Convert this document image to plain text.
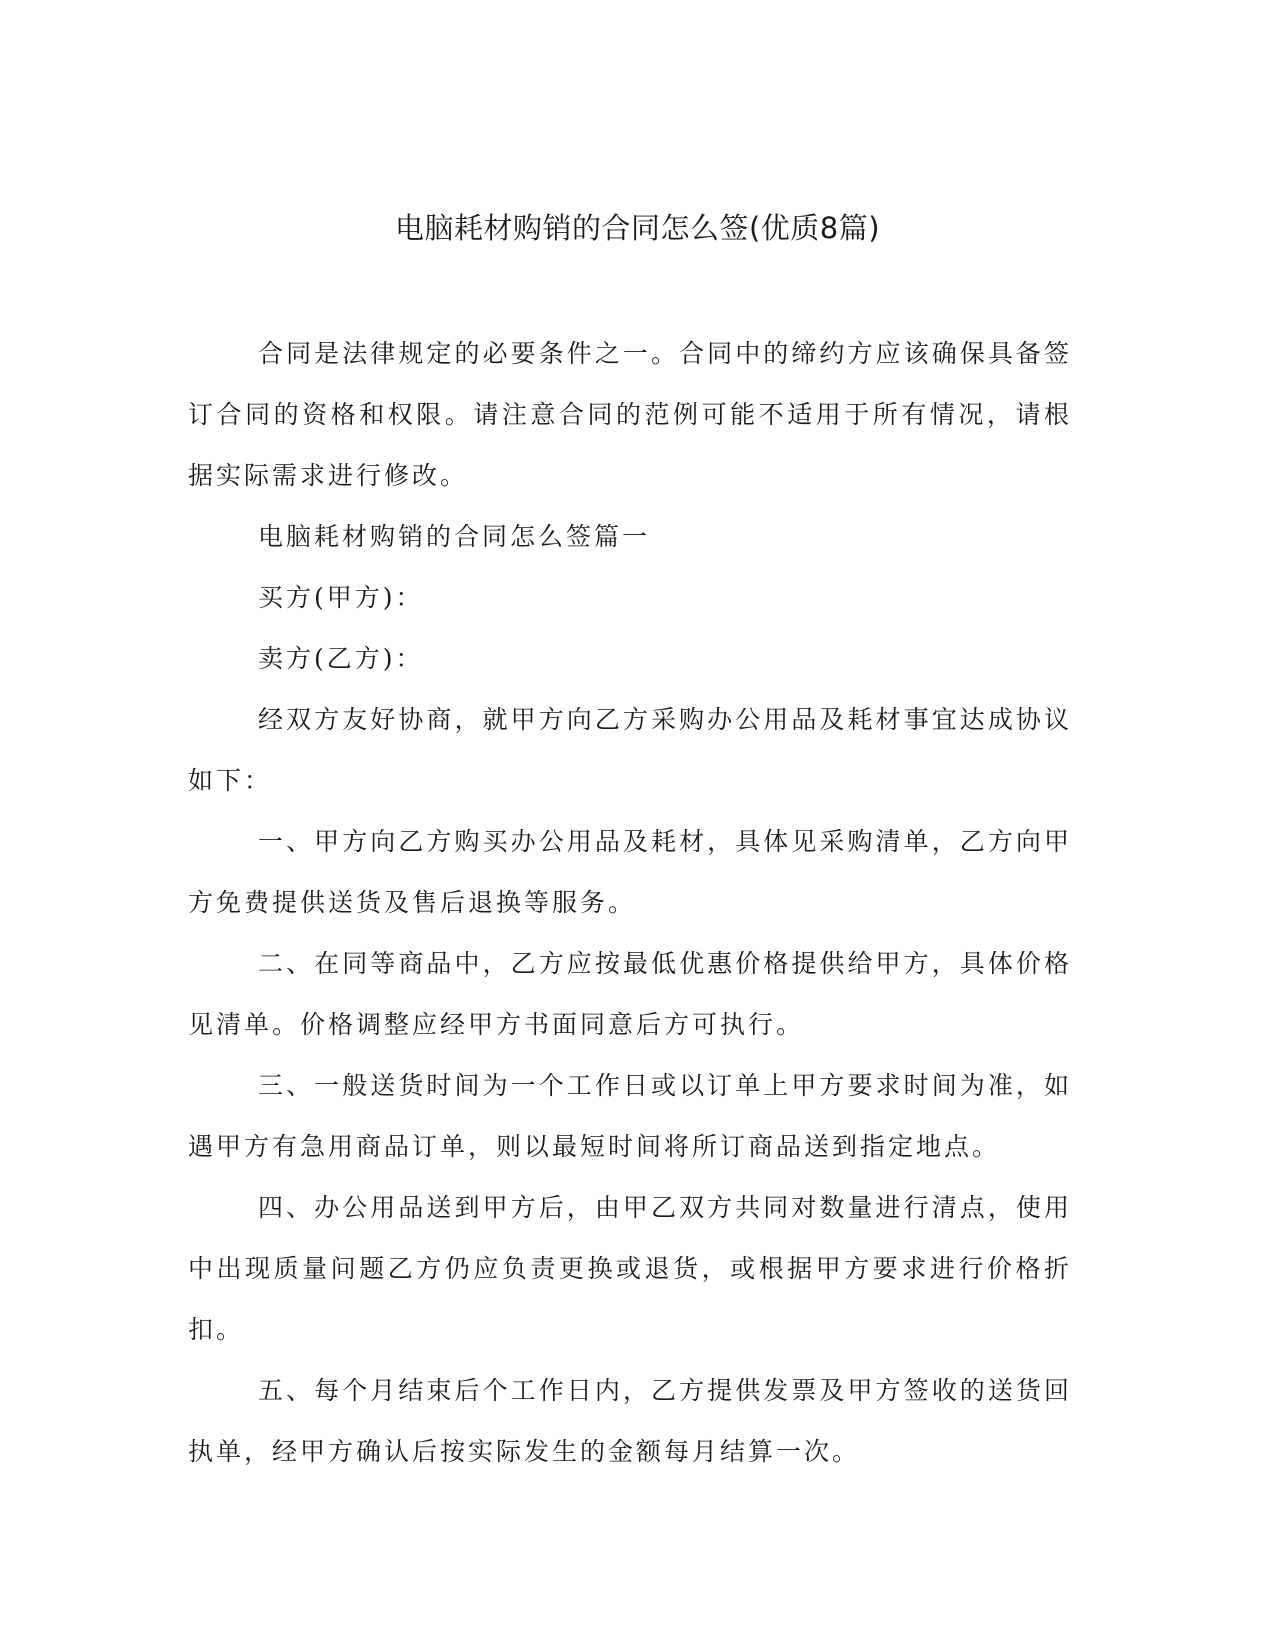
电脑耗材购销的合同怎么签(优质8篇)

合同是法律规定的必要条件之一。合同中的缔约方应该确保具备签订合同的资格和权限。请注意合同的范例可能不适用于所有情况，请根据实际需求进行修改。

电脑耗材购销的合同怎么签篇一

买方(甲方)：

卖方(乙方)：

经双方友好协商，就甲方向乙方采购办公用品及耗材事宜达成协议如下：

一、甲方向乙方购买办公用品及耗材，具体见采购清单，乙方向甲方免费提供送货及售后退换等服务。

二、在同等商品中，乙方应按最低优惠价格提供给甲方，具体价格见清单。价格调整应经甲方书面同意后方可执行。

三、一般送货时间为一个工作日或以订单上甲方要求时间为准，如遇甲方有急用商品订单，则以最短时间将所订商品送到指定地点。

四、办公用品送到甲方后，由甲乙双方共同对数量进行清点，使用中出现质量问题乙方仍应负责更换或退货，或根据甲方要求进行价格折扣。

五、每个月结束后个工作日内，乙方提供发票及甲方签收的送货回执单，经甲方确认后按实际发生的金额每月结算一次。
